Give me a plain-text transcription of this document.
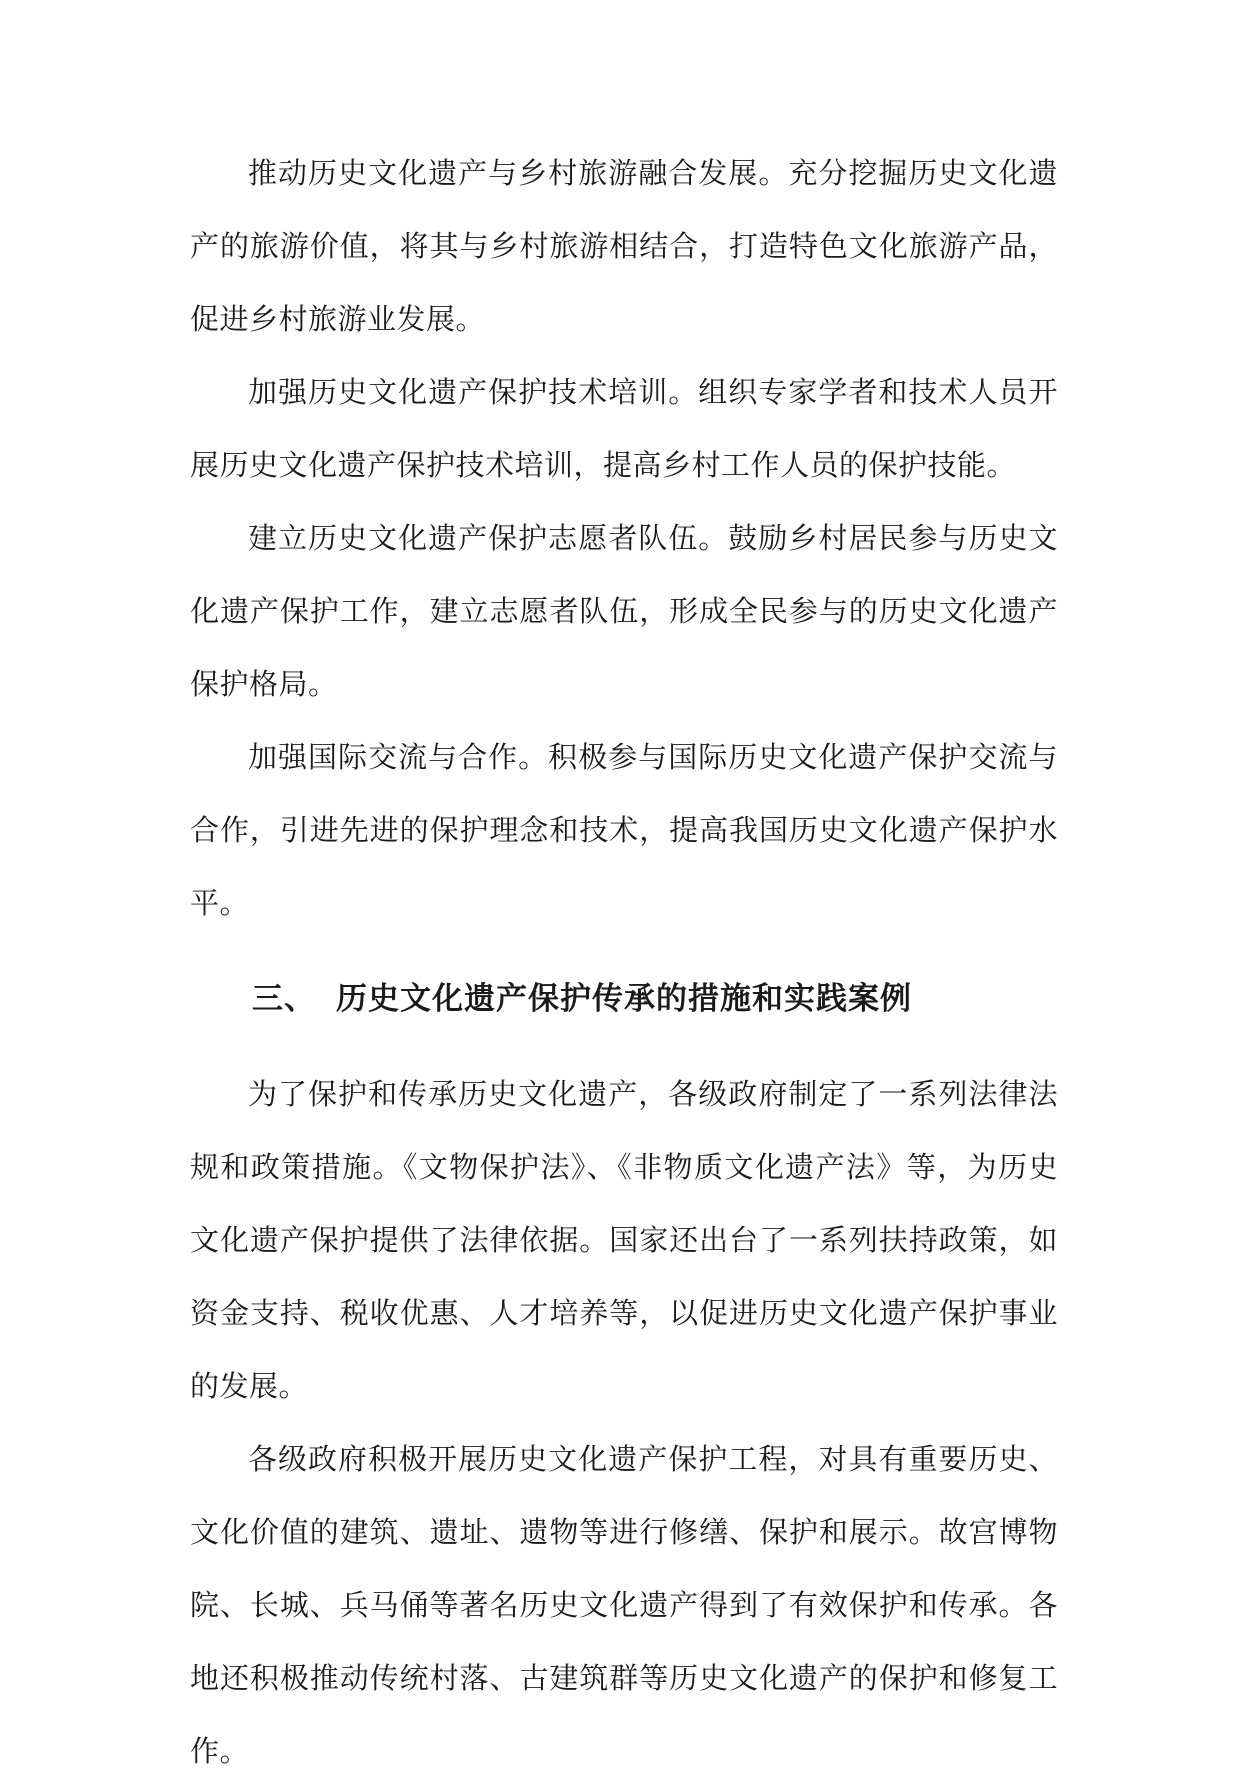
推动历史文化遗产与乡村旅游融合发展。充分挖掘历史文化遗产的旅游价值，将其与乡村旅游相结合，打造特色文化旅游产品，促进乡村旅游业发展。

加强历史文化遗产保护技术培训。组织专家学者和技术人员开展历史文化遗产保护技术培训，提高乡村工作人员的保护技能。

建立历史文化遗产保护志愿者队伍。鼓励乡村居民参与历史文化遗产保护工作，建立志愿者队伍，形成全民参与的历史文化遗产保护格局。

加强国际交流与合作。积极参与国际历史文化遗产保护交流与合作，引进先进的保护理念和技术，提高我国历史文化遗产保护水平。

三、 历史文化遗产保护传承的措施和实践案例

为了保护和传承历史文化遗产，各级政府制定了一系列法律法规和政策措施。《文物保护法》、《非物质文化遗产法》等，为历史文化遗产保护提供了法律依据。国家还出台了一系列扶持政策，如资金支持、税收优惠、人才培养等，以促进历史文化遗产保护事业的发展。

各级政府积极开展历史文化遗产保护工程，对具有重要历史、文化价值的建筑、遗址、遗物等进行修缮、保护和展示。故宫博物院、长城、兵马俑等著名历史文化遗产得到了有效保护和传承。各地还积极推动传统村落、古建筑群等历史文化遗产的保护和修复工作。
